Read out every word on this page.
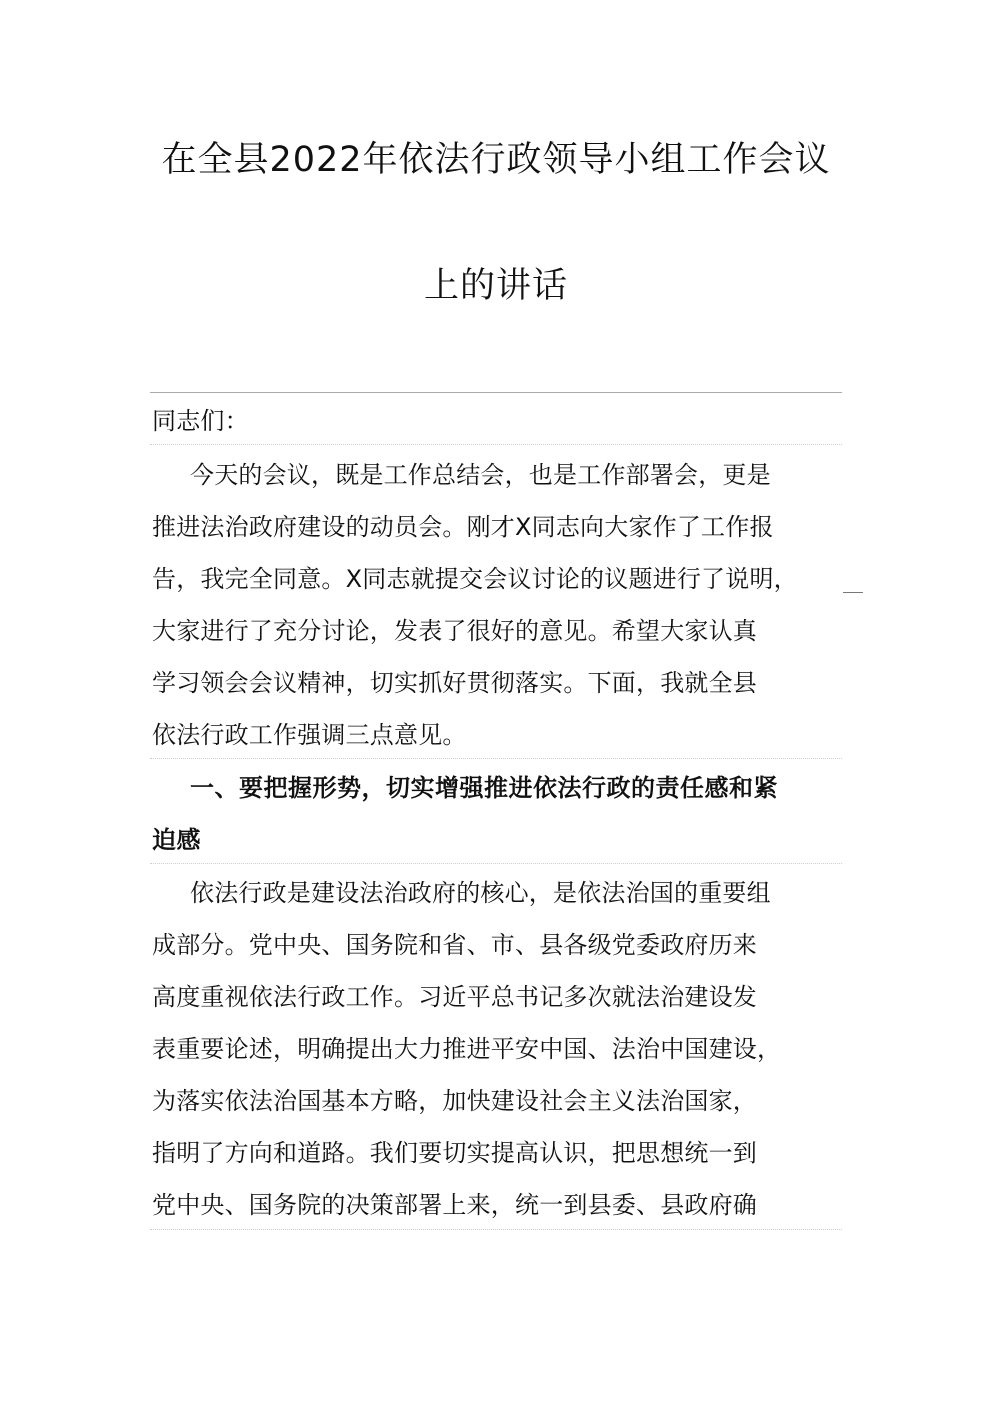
在全县2022年依法行政领导小组工作会议
上的讲话
同志们：
今天的会议，既是工作总结会，也是工作部署会，更是
推进法治政府建设的动员会。刚才X同志向大家作了工作报
告，我完全同意。X同志就提交会议讨论的议题进行了说明，
大家进行了充分讨论，发表了很好的意见。希望大家认真
学习领会会议精神，切实抓好贯彻落实。下面，我就全县
依法行政工作强调三点意见。
一、要把握形势，切实增强推进依法行政的责任感和紧
迫感
依法行政是建设法治政府的核心，是依法治国的重要组
成部分。党中央、国务院和省、市、县各级党委政府历来
高度重视依法行政工作。习近平总书记多次就法治建设发
表重要论述，明确提出大力推进平安中国、法治中国建设，
为落实依法治国基本方略，加快建设社会主义法治国家，
指明了方向和道路。我们要切实提高认识，把思想统一到
党中央、国务院的决策部署上来，统一到县委、县政府确
